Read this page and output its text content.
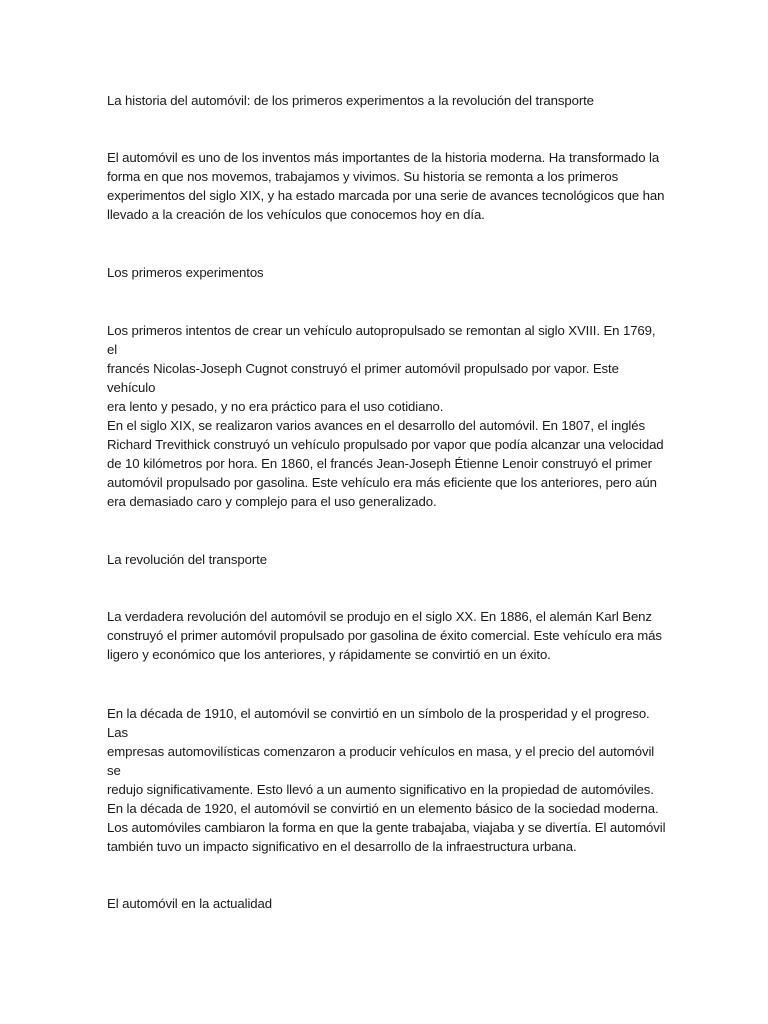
La historia del automóvil: de los primeros experimentos a la revolución del transporte

El automóvil es uno de los inventos más importantes de la historia moderna. Ha transformado la
forma en que nos movemos, trabajamos y vivimos. Su historia se remonta a los primeros
experimentos del siglo XIX, y ha estado marcada por una serie de avances tecnológicos que han
llevado a la creación de los vehículos que conocemos hoy en día.

Los primeros experimentos

Los primeros intentos de crear un vehículo autopropulsado se remontan al siglo XVIII. En 1769, el
francés Nicolas-Joseph Cugnot construyó el primer automóvil propulsado por vapor. Este vehículo
era lento y pesado, y no era práctico para el uso cotidiano.

En el siglo XIX, se realizaron varios avances en el desarrollo del automóvil. En 1807, el inglés
Richard Trevithick construyó un vehículo propulsado por vapor que podía alcanzar una velocidad
de 10 kilómetros por hora. En 1860, el francés Jean-Joseph Étienne Lenoir construyó el primer
automóvil propulsado por gasolina. Este vehículo era más eficiente que los anteriores, pero aún
era demasiado caro y complejo para el uso generalizado.

La revolución del transporte

La verdadera revolución del automóvil se produjo en el siglo XX. En 1886, el alemán Karl Benz
construyó el primer automóvil propulsado por gasolina de éxito comercial. Este vehículo era más
ligero y económico que los anteriores, y rápidamente se convirtió en un éxito.

En la década de 1910, el automóvil se convirtió en un símbolo de la prosperidad y el progreso. Las
empresas automovilísticas comenzaron a producir vehículos en masa, y el precio del automóvil se
redujo significativamente. Esto llevó a un aumento significativo en la propiedad de automóviles.

En la década de 1920, el automóvil se convirtió en un elemento básico de la sociedad moderna.
Los automóviles cambiaron la forma en que la gente trabajaba, viajaba y se divertía. El automóvil
también tuvo un impacto significativo en el desarrollo de la infraestructura urbana.

El automóvil en la actualidad
